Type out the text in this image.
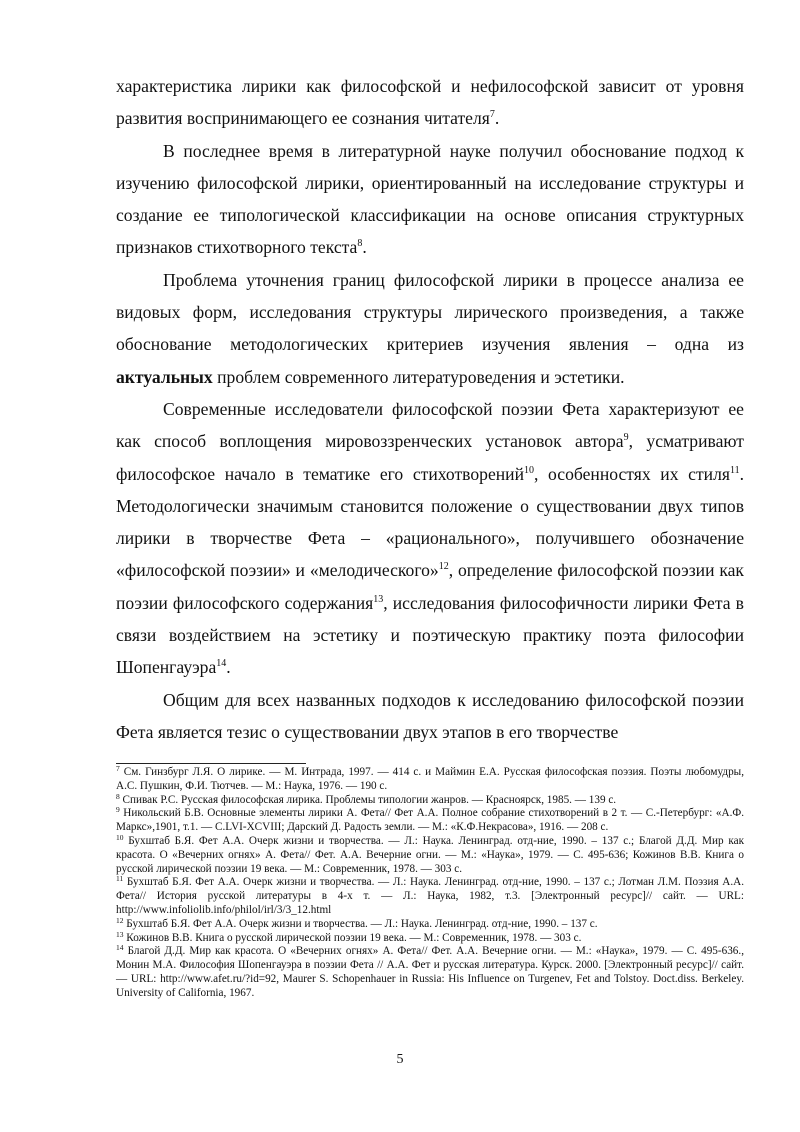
характеристика лирики как философской и нефилософской зависит от уровня развития воспринимающего ее сознания читателя$^7$.

В последнее время в литературной науке получил обоснование подход к изучению философской лирики, ориентированный на исследование структуры и создание ее типологической классификации на основе описания структурных признаков стихотворного текста$^8$.

Проблема уточнения границ философской лирики в процессе анализа ее видовых форм, исследования структуры лирического произведения, а также обоснование методологических критериев изучения явления – одна из актуальных проблем современного литературоведения и эстетики.

Современные исследователи философской поэзии Фета характеризуют ее как способ воплощения мировоззренческих установок автора$^9$, усматривают философское начало в тематике его стихотворений$^{10}$, особенностях их стиля$^{11}$. Методологически значимым становится положение о существовании двух типов лирики в творчестве Фета – «рационального», получившего обозначение «философской поэзии» и «мелодического»$^{12}$, определение философской поэзии как поэзии философского содержания$^{13}$, исследования философичности лирики Фета в связи воздействием на эстетику и поэтическую практику поэта философии Шопенгауэра$^{14}$.

Общим для всех названных подходов к исследованию философской поэзии Фета является тезис о существовании двух этапов в его творчестве

$^7$ См. Гинзбург Л.Я. О лирике. — М. Интрада, 1997. — 414 с. и Маймин Е.А. Русская философская поэзия. Поэты любомудры, А.С. Пушкин, Ф.И. Тютчев. — М.: Наука, 1976. — 190 с.

$^8$ Спивак Р.С. Русская философская лирика. Проблемы типологии жанров. — Красноярск, 1985. — 139 с.

$^9$ Никольский Б.В. Основные элементы лирики А. Фета// Фет А.А. Полное собрание стихотворений в 2 т. — С.-Петербург: «А.Ф. Маркс»,1901, т.1. — С.LVI-XCVIII; Дарский Д. Радость земли. — М.: «К.Ф.Некрасова», 1916. — 208 с.

$^{10}$ Бухштаб Б.Я. Фет А.А. Очерк жизни и творчества. — Л.: Наука. Ленинград. отд-ние, 1990. – 137 с.; Благой Д.Д. Мир как красота. О «Вечерних огнях» А. Фета// Фет. А.А. Вечерние огни. — М.: «Наука», 1979. — С. 495-636; Кожинов В.В. Книга о русской лирической поэзии 19 века. — М.: Современник, 1978. — 303 с.

$^{11}$ Бухштаб Б.Я. Фет А.А. Очерк жизни и творчества. — Л.: Наука. Ленинград. отд-ние, 1990. – 137 с.; Лотман Л.М. Поэзия А.А. Фета// История русской литературы в 4-х т. — Л.: Наука, 1982, т.3. [Электронный ресурс]// сайт. — URL: http://www.infoliolib.info/philol/irl/3/3_12.html

$^{12}$ Бухштаб Б.Я. Фет А.А. Очерк жизни и творчества. — Л.: Наука. Ленинград. отд-ние, 1990. – 137 с.

$^{13}$ Кожинов В.В. Книга о русской лирической поэзии 19 века. — М.: Современник, 1978. — 303 с.

$^{14}$ Благой Д.Д. Мир как красота. О «Вечерних огнях» А. Фета// Фет. А.А. Вечерние огни. — М.: «Наука», 1979. — С. 495-636., Монин М.А. Философия Шопенгауэра в поэзии Фета // А.А. Фет и русская литература. Курск. 2000. [Электронный ресурс]// сайт. — URL: http://www.afet.ru/?id=92, Maurer S. Schopenhauer in Russia: His Influence on Turgenev, Fet and Tolstoy. Doct.diss. Berkeley. University of California, 1967.

5
